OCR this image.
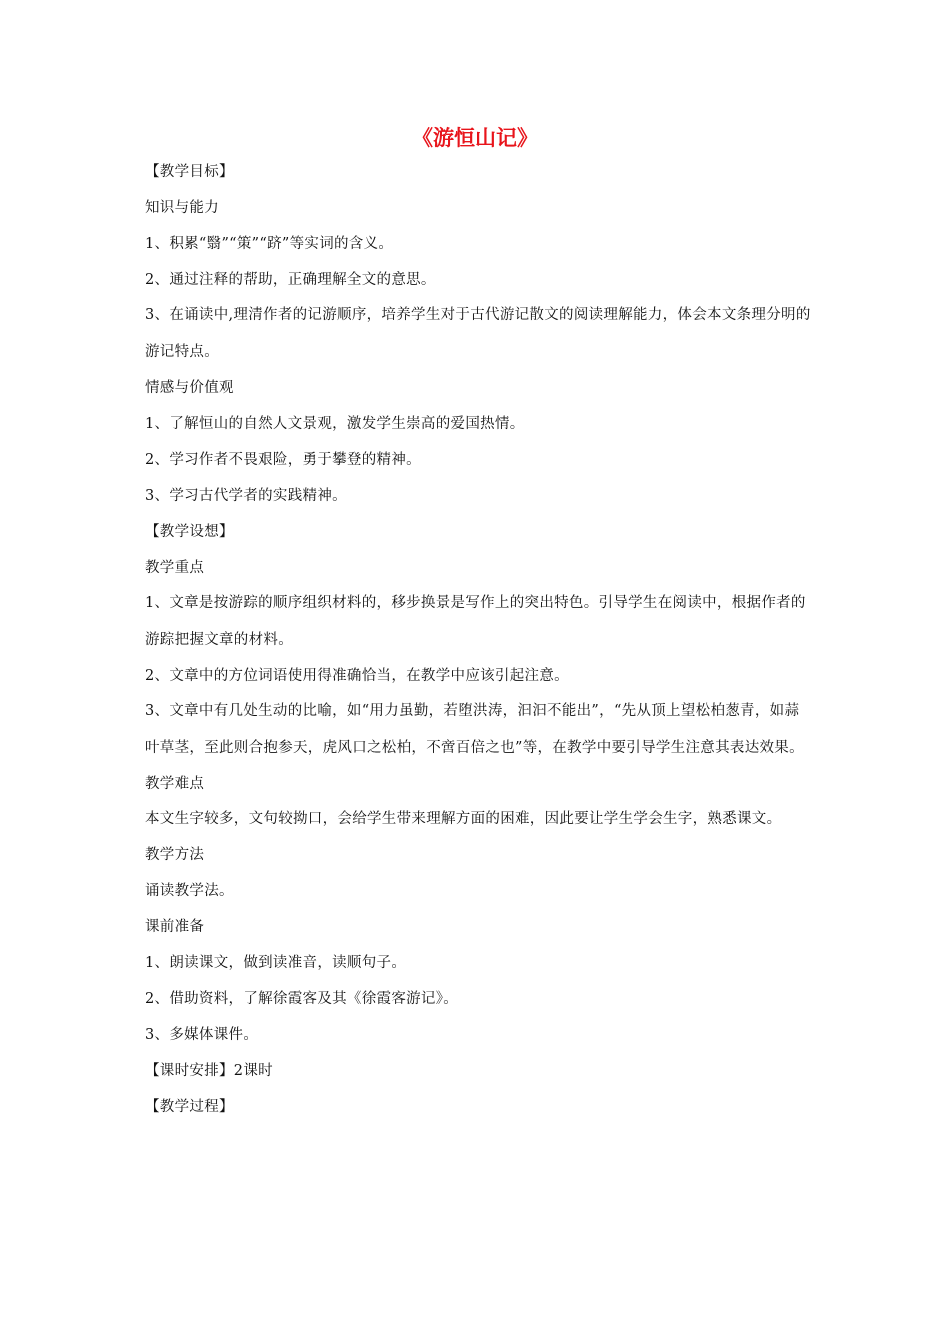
《游恒山记》

【教学目标】

知识与能力

1、积累“翳”“策”“跻”等实词的含义。

2、通过注释的帮助，正确理解全文的意思。

3、在诵读中,理清作者的记游顺序，培养学生对于古代游记散文的阅读理解能力，体会本文条理分明的游记特点。

情感与价值观

1、了解恒山的自然人文景观，激发学生崇高的爱国热情。

2、学习作者不畏艰险，勇于攀登的精神。

3、学习古代学者的实践精神。

【教学设想】

教学重点

1、文章是按游踪的顺序组织材料的，移步换景是写作上的突出特色。引导学生在阅读中，根据作者的游踪把握文章的材料。

2、文章中的方位词语使用得准确恰当，在教学中应该引起注意。

3、文章中有几处生动的比喻，如“用力虽勤，若堕洪涛，汩汩不能出”，“先从顶上望松柏葱青，如蒜叶草茎，至此则合抱参天，虎风口之松柏，不啻百倍之也”等，在教学中要引导学生注意其表达效果。

教学难点

本文生字较多，文句较拗口，会给学生带来理解方面的困难，因此要让学生学会生字，熟悉课文。

教学方法

诵读教学法。

课前准备

1、朗读课文，做到读准音，读顺句子。

2、借助资料，了解徐霞客及其《徐霞客游记》。

3、多媒体课件。

【课时安排】2课时

【教学过程】
